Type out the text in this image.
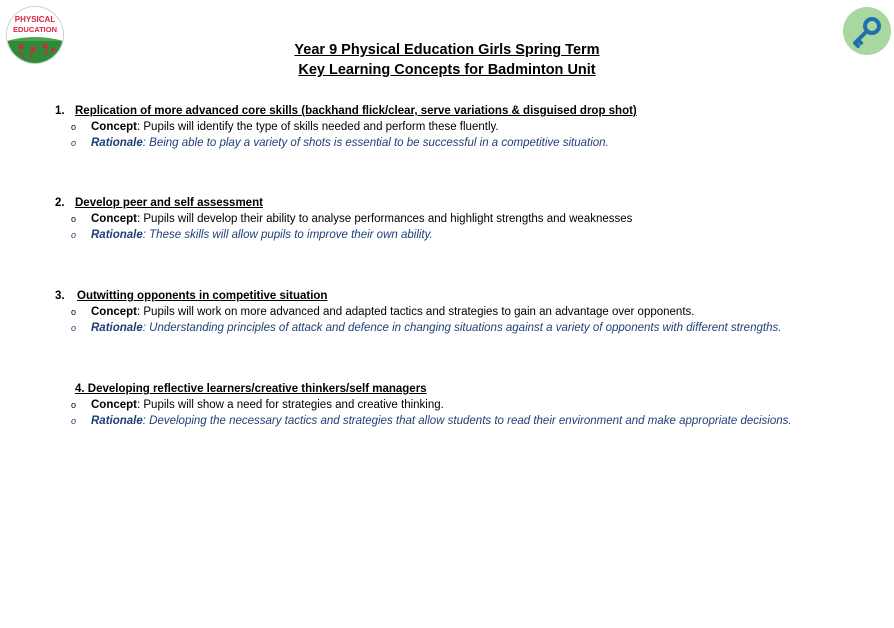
PHYSICAL
EDUCATION
Year 9 Physical Education Girls Spring Term
Key Learning Concepts for Badminton Unit
1. Replication of more advanced core skills (backhand flick/clear, serve variations & disguised drop shot)
o Concept: Pupils will identify the type of skills needed and perform these fluently.
o Rationale: Being able to play a variety of shots is essential to be successful in a competitive situation.
2. Develop peer and self assessment
o Concept: Pupils will develop their ability to analyse performances and highlight strengths and weaknesses
o Rationale: These skills will allow pupils to improve their own ability.
3. Outwitting opponents in competitive situation
o Concept: Pupils will work on more advanced and adapted tactics and strategies to gain an advantage over opponents.
o Rationale: Understanding principles of attack and defence in changing situations against a variety of opponents with different strengths.
4. Developing reflective learners/creative thinkers/self managers
o Concept: Pupils will show a need for strategies and creative thinking.
o Rationale: Developing the necessary tactics and strategies that allow students to read their environment and make appropriate decisions.
